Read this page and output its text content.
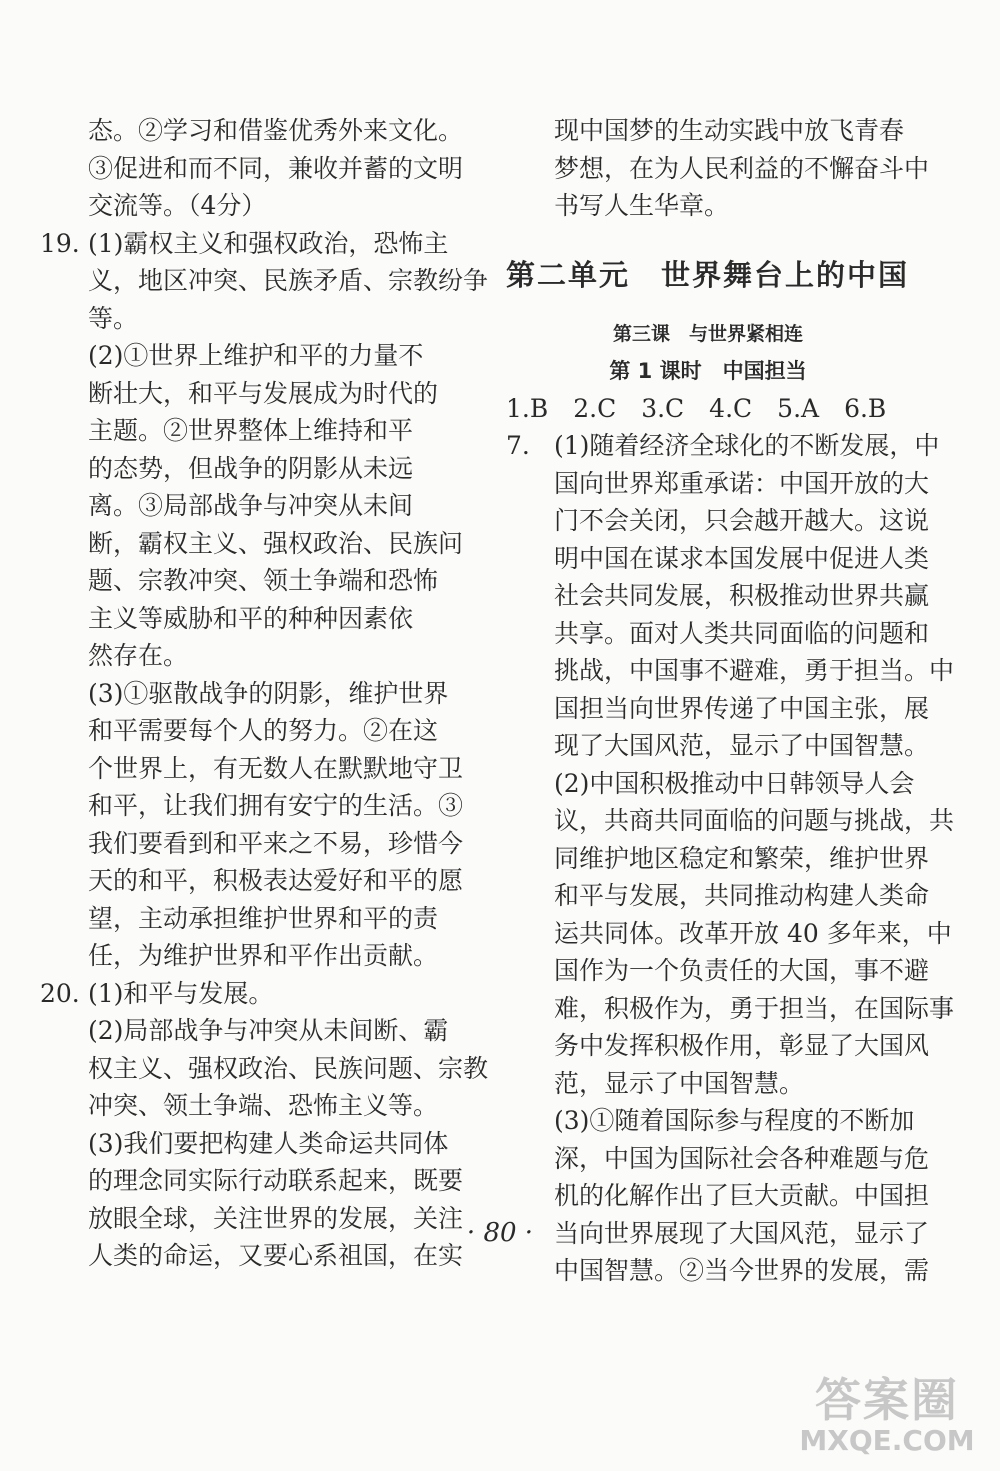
态。②学习和借鉴优秀外来文化。
③促进和而不同，兼收并蓄的文明
交流等。（4分）
19. (1)霸权主义和强权政治，恐怖主
义，地区冲突、民族矛盾、宗教纷争
等。
(2)①世界上维护和平的力量不
断壮大，和平与发展成为时代的
主题。②世界整体上维持和平
的态势，但战争的阴影从未远
离。③局部战争与冲突从未间
断，霸权主义、强权政治、民族问
题、宗教冲突、领土争端和恐怖
主义等威胁和平的种种因素依
然存在。
(3)①驱散战争的阴影，维护世界
和平需要每个人的努力。②在这
个世界上，有无数人在默默地守卫
和平，让我们拥有安宁的生活。③
我们要看到和平来之不易，珍惜今
天的和平，积极表达爱好和平的愿
望，主动承担维护世界和平的责
任，为维护世界和平作出贡献。
20. (1)和平与发展。
(2)局部战争与冲突从未间断、霸
权主义、强权政治、民族问题、宗教
冲突、领土争端、恐怖主义等。
(3)我们要把构建人类命运共同体
的理念同实际行动联系起来，既要
放眼全球，关注世界的发展，关注
人类的命运，又要心系祖国，在实
现中国梦的生动实践中放飞青春
梦想，在为人民利益的不懈奋斗中
书写人生华章。
第二单元　世界舞台上的中国
第三课　与世界紧相连
第 1 课时　中国担当
1.B　2.C　3.C　4.C　5.A　6.B
7. (1)随着经济全球化的不断发展，中
国向世界郑重承诺：中国开放的大
门不会关闭，只会越开越大。这说
明中国在谋求本国发展中促进人类
社会共同发展，积极推动世界共赢
共享。面对人类共同面临的问题和
挑战，中国事不避难，勇于担当。中
国担当向世界传递了中国主张，展
现了大国风范，显示了中国智慧。
(2)中国积极推动中日韩领导人会
议，共商共同面临的问题与挑战，共
同维护地区稳定和繁荣，维护世界
和平与发展，共同推动构建人类命
运共同体。改革开放 40 多年来，中
国作为一个负责任的大国，事不避
难，积极作为，勇于担当，在国际事
务中发挥积极作用，彰显了大国风
范，显示了中国智慧。
(3)①随着国际参与程度的不断加
深，中国为国际社会各种难题与危
机的化解作出了巨大贡献。中国担
当向世界展现了大国风范，显示了
中国智慧。②当今世界的发展，需
· 80 ·
答案圈
MXQE.COM
